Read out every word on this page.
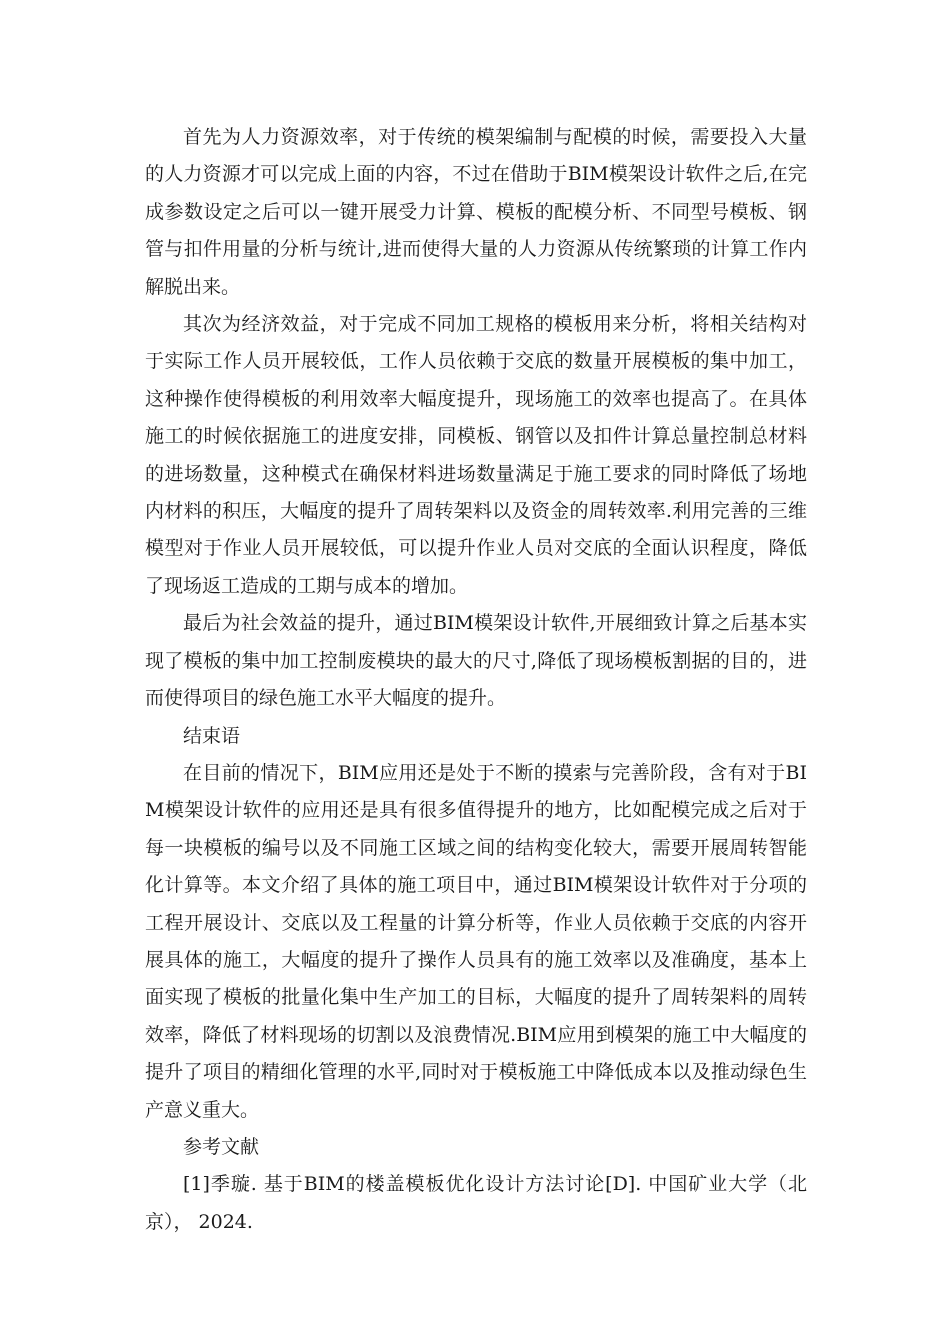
首先为人力资源效率，对于传统的模架编制与配模的时候，需要投入大量的人力资源才可以完成上面的内容，不过在借助于BIM模架设计软件之后,在完成参数设定之后可以一键开展受力计算、模板的配模分析、不同型号模板、钢管与扣件用量的分析与统计,进而使得大量的人力资源从传统繁琐的计算工作内解脱出来。

其次为经济效益，对于完成不同加工规格的模板用来分析，将相关结构对于实际工作人员开展较低，工作人员依赖于交底的数量开展模板的集中加工，这种操作使得模板的利用效率大幅度提升，现场施工的效率也提高了。在具体施工的时候依据施工的进度安排，同模板、钢管以及扣件计算总量控制总材料的进场数量，这种模式在确保材料进场数量满足于施工要求的同时降低了场地内材料的积压，大幅度的提升了周转架料以及资金的周转效率.利用完善的三维模型对于作业人员开展较低，可以提升作业人员对交底的全面认识程度，降低了现场返工造成的工期与成本的增加。

最后为社会效益的提升，通过BIM模架设计软件,开展细致计算之后基本实现了模板的集中加工控制废模块的最大的尺寸,降低了现场模板割据的目的，进而使得项目的绿色施工水平大幅度的提升。

结束语

在目前的情况下，BIM应用还是处于不断的摸索与完善阶段，含有对于BIM模架设计软件的应用还是具有很多值得提升的地方，比如配模完成之后对于每一块模板的编号以及不同施工区域之间的结构变化较大，需要开展周转智能化计算等。本文介绍了具体的施工项目中，通过BIM模架设计软件对于分项的工程开展设计、交底以及工程量的计算分析等，作业人员依赖于交底的内容开展具体的施工，大幅度的提升了操作人员具有的施工效率以及准确度，基本上面实现了模板的批量化集中生产加工的目标，大幅度的提升了周转架料的周转效率，降低了材料现场的切割以及浪费情况.BIM应用到模架的施工中大幅度的提升了项目的精细化管理的水平,同时对于模板施工中降低成本以及推动绿色生产意义重大。

参考文献

[1]季璇. 基于BIM的楼盖模板优化设计方法讨论[D]. 中国矿业大学（北京）， 2024.
